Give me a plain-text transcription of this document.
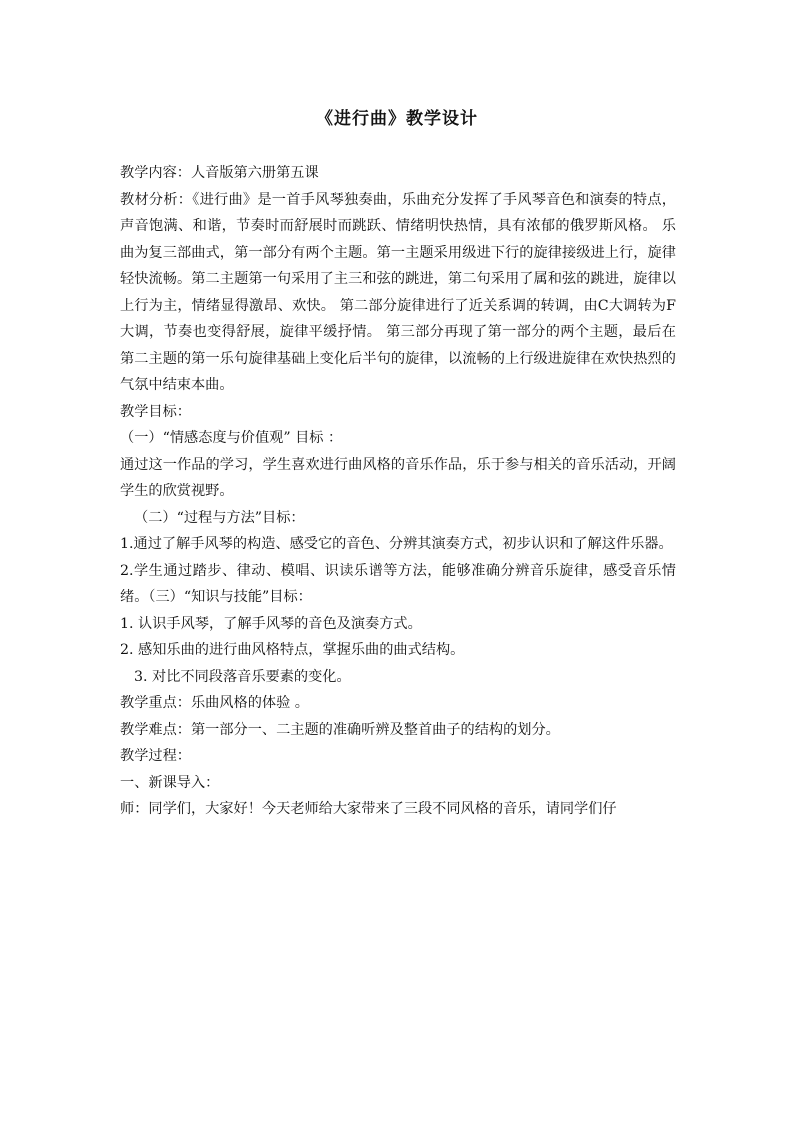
《进行曲》教学设计

教学内容：人音版第六册第五课

教材分析：《进行曲》是一首手风琴独奏曲，乐曲充分发挥了手风琴音色和演奏的特点，声音饱满、和谐，节奏时而舒展时而跳跃、情绪明快热情，具有浓郁的俄罗斯风格。 乐曲为复三部曲式，第一部分有两个主题。第一主题采用级进下行的旋律接级进上行，旋律轻快流畅。第二主题第一句采用了主三和弦的跳进，第二句采用了属和弦的跳进，旋律以上行为主，情绪显得激昂、欢快。 第二部分旋律进行了近关系调的转调，由C大调转为F大调，节奏也变得舒展，旋律平缓抒情。 第三部分再现了第一部分的两个主题，最后在第二主题的第一乐句旋律基础上变化后半句的旋律，以流畅的上行级进旋律在欢快热烈的气氛中结束本曲。

教学目标：

（一）“情感态度与价值观” 目标 ：

通过这一作品的学习，学生喜欢进行曲风格的音乐作品，乐于参与相关的音乐活动，开阔学生的欣赏视野。

（二）“过程与方法”目标：

1.通过了解手风琴的构造、感受它的音色、分辨其演奏方式，初步认识和了解这件乐器。

2.学生通过踏步、律动、模唱、识读乐谱等方法，能够准确分辨音乐旋律，感受音乐情绪。（三）“知识与技能”目标：

1. 认识手风琴，了解手风琴的音色及演奏方式。

2. 感知乐曲的进行曲风格特点，掌握乐曲的曲式结构。

3. 对比不同段落音乐要素的变化。

教学重点：乐曲风格的体验 。

教学难点：第一部分一、二主题的准确听辨及整首曲子的结构的划分。

教学过程：

一、新课导入：

师：同学们，大家好！今天老师给大家带来了三段不同风格的音乐，请同学们仔
